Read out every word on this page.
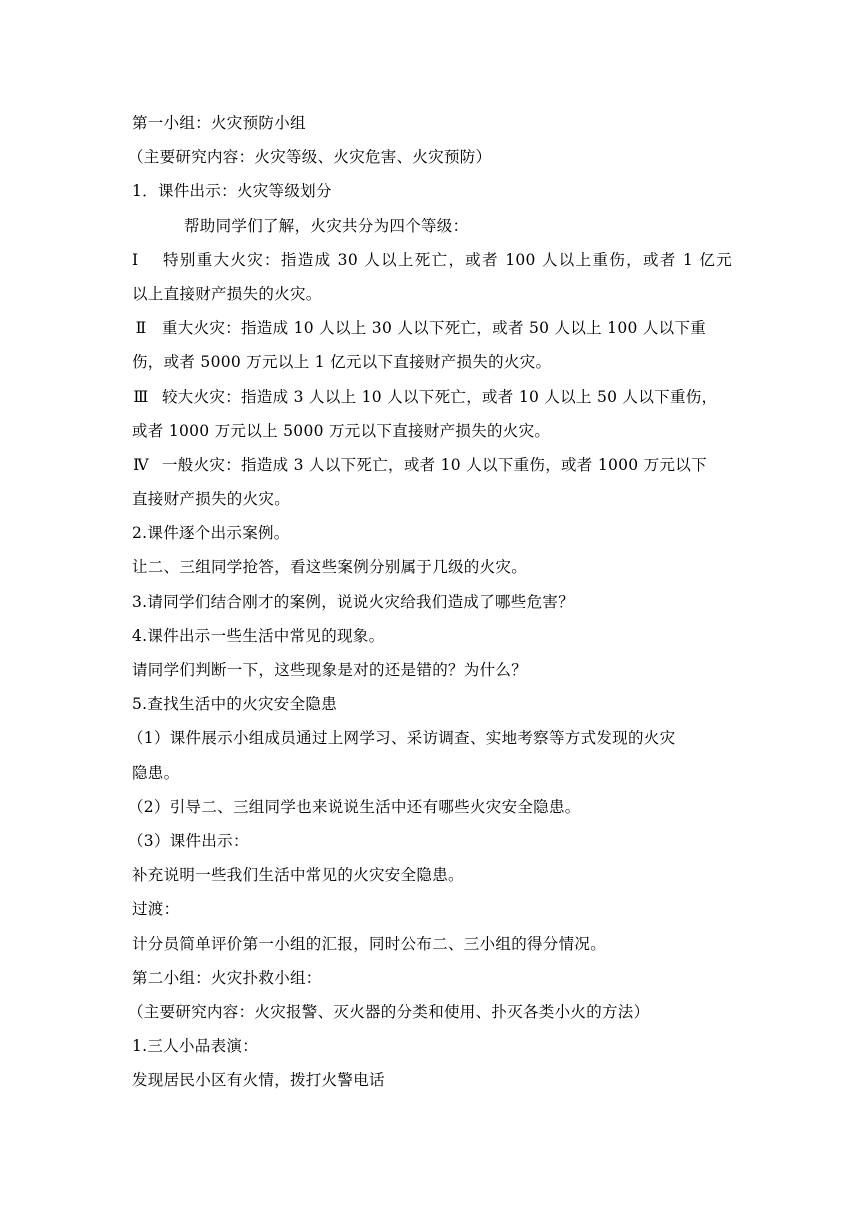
第一小组：火灾预防小组
（主要研究内容：火灾等级、火灾危害、火灾预防）
1．课件出示：火灾等级划分
帮助同学们了解，火灾共分为四个等级：
Ⅰ 特别重大火灾：指造成 30 人以上死亡，或者 100 人以上重伤，或者 1 亿元
以上直接财产损失的火灾。
Ⅱ 重大火灾：指造成 10 人以上 30 人以下死亡，或者 50 人以上 100 人以下重
伤，或者 5000 万元以上 1 亿元以下直接财产损失的火灾。
Ⅲ 较大火灾：指造成 3 人以上 10 人以下死亡，或者 10 人以上 50 人以下重伤，
或者 1000 万元以上 5000 万元以下直接财产损失的火灾。
Ⅳ 一般火灾：指造成 3 人以下死亡，或者 10 人以下重伤，或者 1000 万元以下
直接财产损失的火灾。
2.课件逐个出示案例。
让二、三组同学抢答，看这些案例分别属于几级的火灾。
3.请同学们结合刚才的案例，说说火灾给我们造成了哪些危害？
4.课件出示一些生活中常见的现象。
请同学们判断一下，这些现象是对的还是错的？为什么？
5.查找生活中的火灾安全隐患
（1）课件展示小组成员通过上网学习、采访调查、实地考察等方式发现的火灾
隐患。
（2）引导二、三组同学也来说说生活中还有哪些火灾安全隐患。
（3）课件出示：
补充说明一些我们生活中常见的火灾安全隐患。
过渡：
计分员简单评价第一小组的汇报，同时公布二、三小组的得分情况。
第二小组：火灾扑救小组：
（主要研究内容：火灾报警、灭火器的分类和使用、扑灭各类小火的方法）
1.三人小品表演：
发现居民小区有火情，拨打火警电话
